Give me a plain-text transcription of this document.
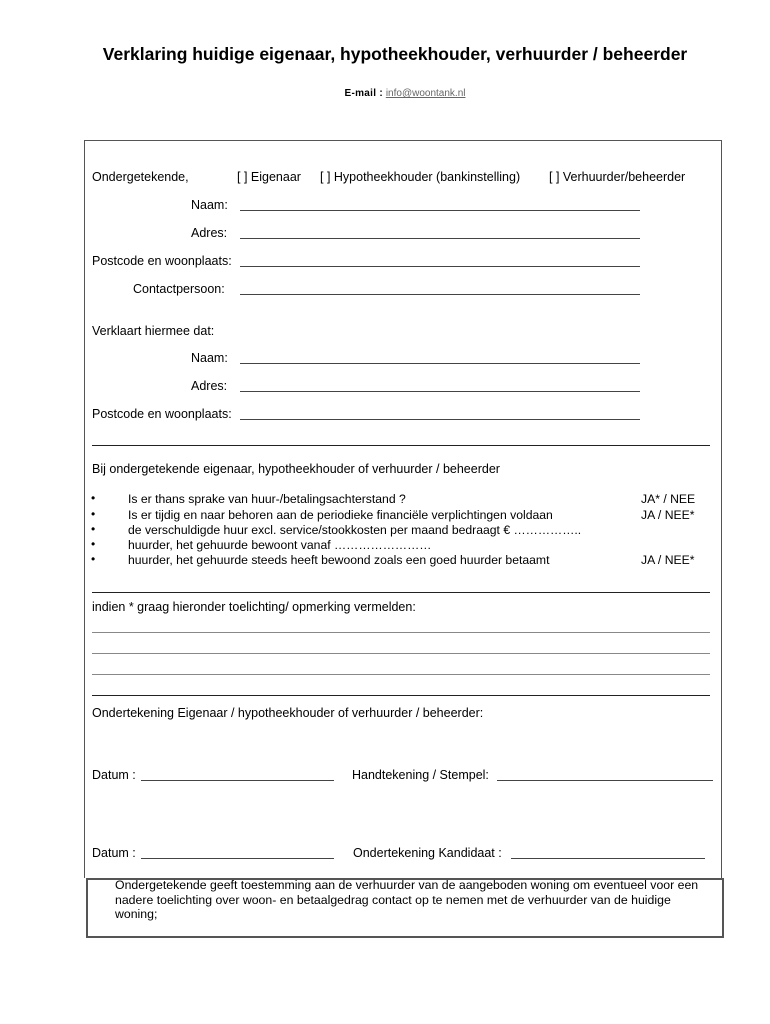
Verklaring huidige eigenaar, hypotheekhouder, verhuurder / beheerder
E-mail : info@woontank.nl
Ondergetekende,	[ ] Eigenaar [ ] Hypotheekhouder (bankinstelling) [ ] Verhuurder/beheerder
Naam:
Adres:
Postcode en woonplaats:
Contactpersoon:
Verklaart hiermee dat:
Naam:
Adres:
Postcode en woonplaats:
Bij ondergetekende eigenaar, hypotheekhouder of verhuurder / beheerder
•	Is er thans sprake van huur-/betalingsachterstand ?	JA* / NEE
•	Is er tijdig en naar behoren aan de periodieke financiële verplichtingen voldaan	JA / NEE*
•	de verschuldigde huur excl. service/stookkosten per maand bedraagt € ……………..
•	huurder, het gehuurde bewoont vanaf ……………………
•	huurder, het gehuurde steeds heeft bewoond zoals een goed huurder betaamt	JA / NEE*
indien * graag hieronder toelichting/ opmerking vermelden:
Ondertekening Eigenaar / hypotheekhouder of verhuurder / beheerder:
Datum :	Handtekening / Stempel:
Datum :	Ondertekening Kandidaat :
Ondergetekende geeft toestemming aan de verhuurder van de aangeboden woning om eventueel voor een nadere toelichting over woon- en betaalgedrag contact op te nemen met de verhuurder van de huidige woning;
